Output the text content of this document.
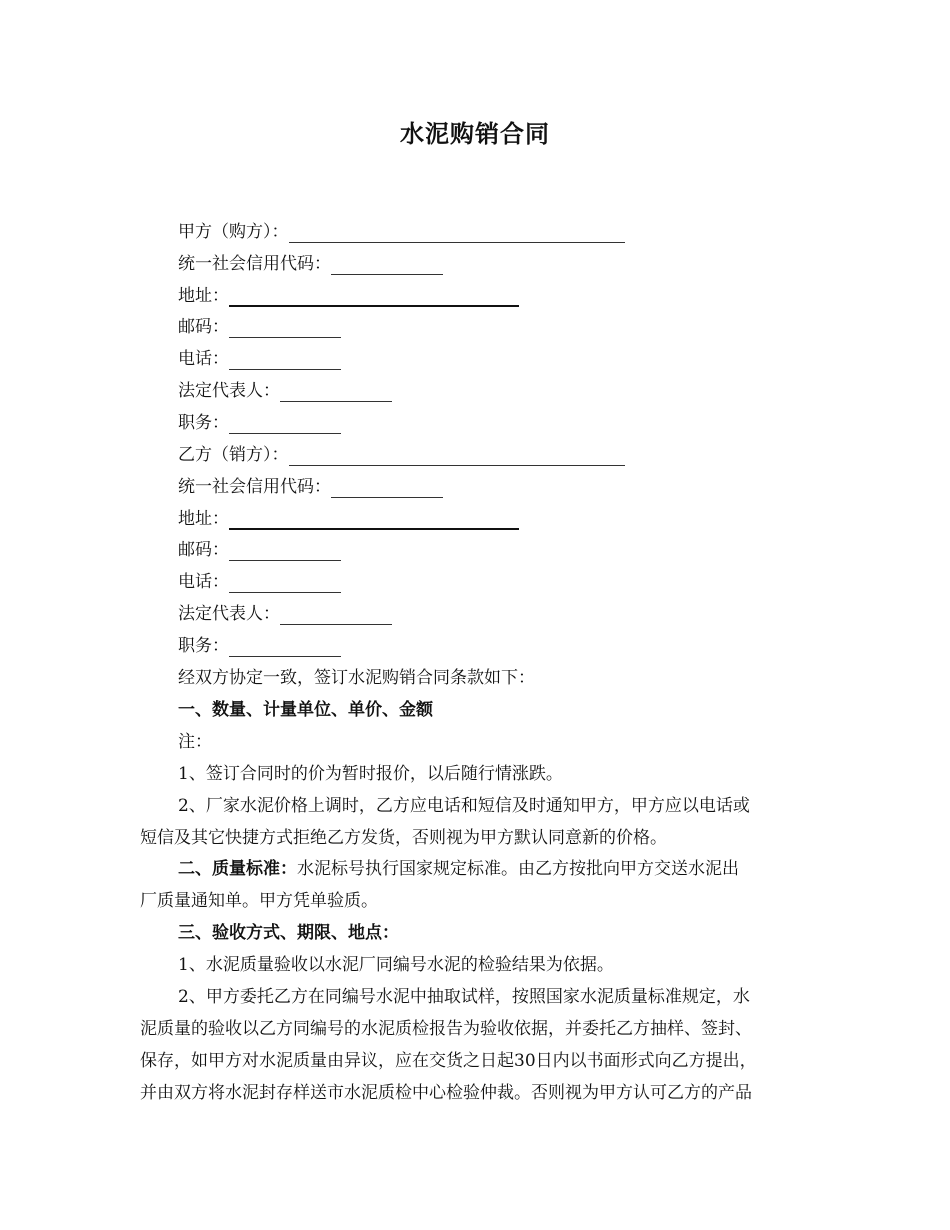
水泥购销合同
甲方（购方）：
统一社会信用代码：
地址：
邮码：
电话：
法定代表人：
职务：
乙方（销方）：
统一社会信用代码：
地址：
邮码：
电话：
法定代表人：
职务：
经双方协定一致，签订水泥购销合同条款如下：
一、数量、计量单位、单价、金额
注：
1、签订合同时的价为暂时报价，以后随行情涨跌。
2、厂家水泥价格上调时，乙方应电话和短信及时通知甲方，甲方应以电话或
短信及其它快捷方式拒绝乙方发货，否则视为甲方默认同意新的价格。
二、质量标准：水泥标号执行国家规定标准。由乙方按批向甲方交送水泥出
厂质量通知单。甲方凭单验质。
三、验收方式、期限、地点：
1、水泥质量验收以水泥厂同编号水泥的检验结果为依据。
2、甲方委托乙方在同编号水泥中抽取试样，按照国家水泥质量标准规定，水
泥质量的验收以乙方同编号的水泥质检报告为验收依据，并委托乙方抽样、签封、
保存，如甲方对水泥质量由异议，应在交货之日起30日内以书面形式向乙方提出，
并由双方将水泥封存样送市水泥质检中心检验仲裁。否则视为甲方认可乙方的产品
